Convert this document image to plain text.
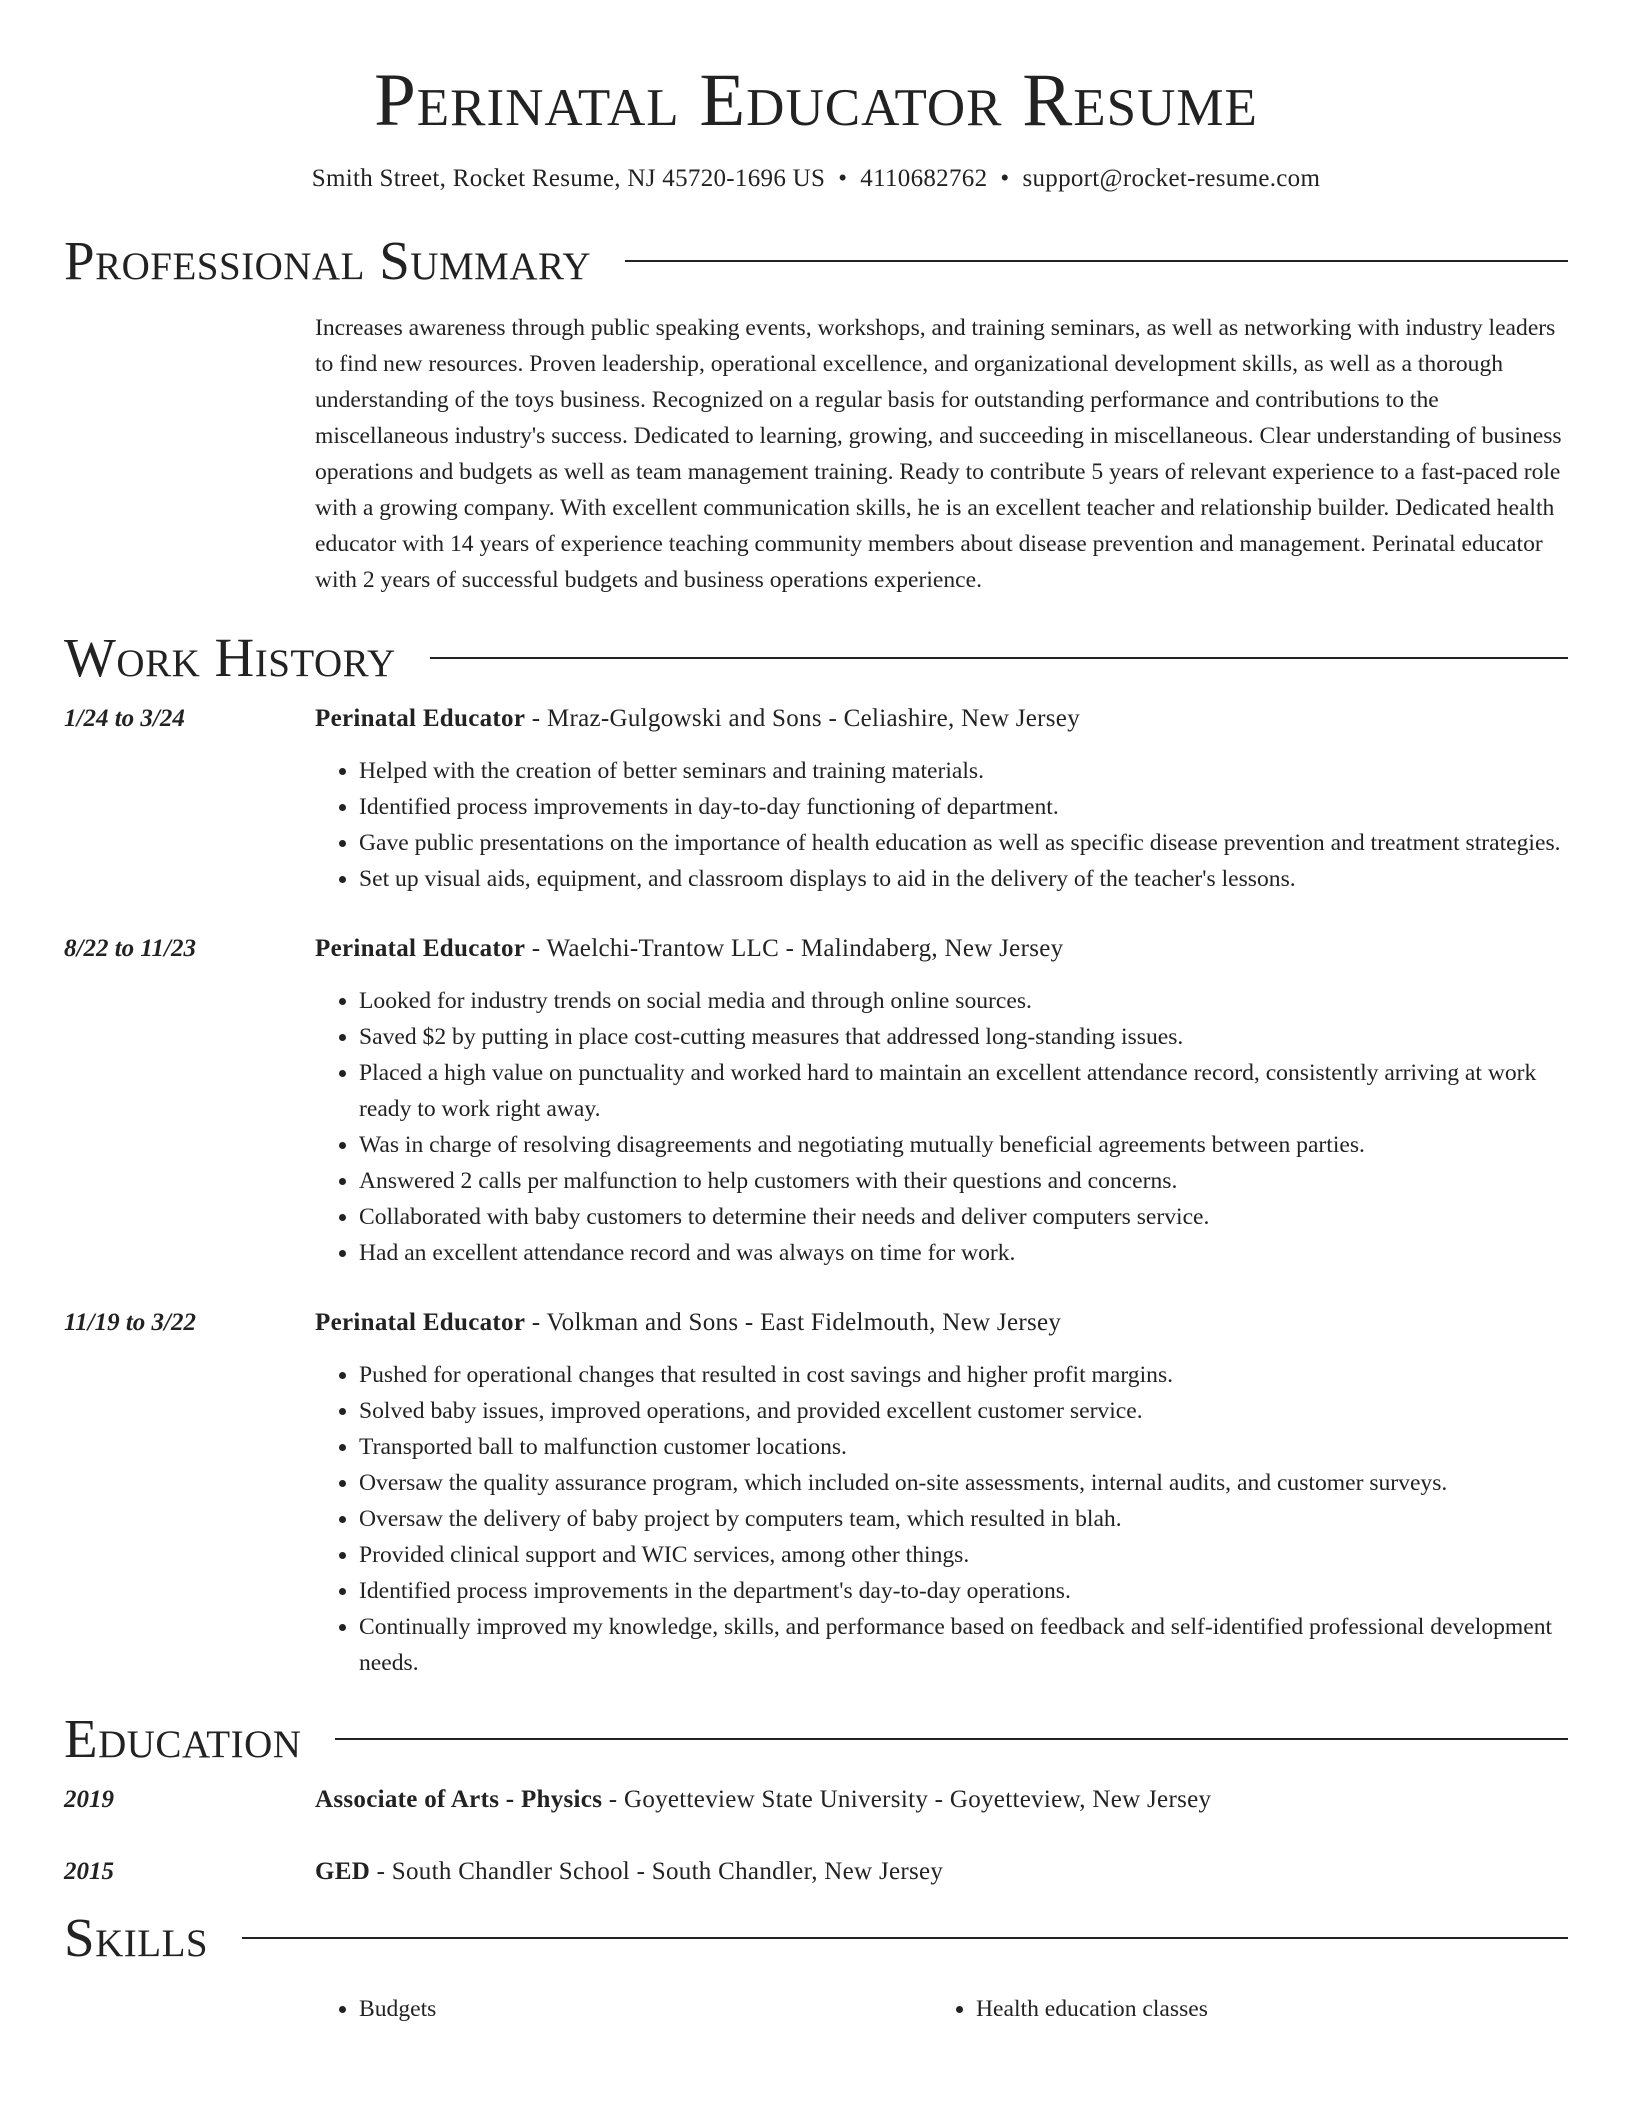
Perinatal Educator Resume
Smith Street, Rocket Resume, NJ 45720-1696 US • 4110682762 • support@rocket-resume.com
Professional Summary
Increases awareness through public speaking events, workshops, and training seminars, as well as networking with industry leaders to find new resources. Proven leadership, operational excellence, and organizational development skills, as well as a thorough understanding of the toys business. Recognized on a regular basis for outstanding performance and contributions to the miscellaneous industry's success. Dedicated to learning, growing, and succeeding in miscellaneous. Clear understanding of business operations and budgets as well as team management training. Ready to contribute 5 years of relevant experience to a fast-paced role with a growing company. With excellent communication skills, he is an excellent teacher and relationship builder. Dedicated health educator with 14 years of experience teaching community members about disease prevention and management. Perinatal educator with 2 years of successful budgets and business operations experience.
Work History
1/24 to 3/24	Perinatal Educator - Mraz-Gulgowski and Sons - Celiashire, New Jersey
• Helped with the creation of better seminars and training materials.
• Identified process improvements in day-to-day functioning of department.
• Gave public presentations on the importance of health education as well as specific disease prevention and treatment strategies.
• Set up visual aids, equipment, and classroom displays to aid in the delivery of the teacher's lessons.
8/22 to 11/23	Perinatal Educator - Waelchi-Trantow LLC - Malindaberg, New Jersey
• Looked for industry trends on social media and through online sources.
• Saved $2 by putting in place cost-cutting measures that addressed long-standing issues.
• Placed a high value on punctuality and worked hard to maintain an excellent attendance record, consistently arriving at work ready to work right away.
• Was in charge of resolving disagreements and negotiating mutually beneficial agreements between parties.
• Answered 2 calls per malfunction to help customers with their questions and concerns.
• Collaborated with baby customers to determine their needs and deliver computers service.
• Had an excellent attendance record and was always on time for work.
11/19 to 3/22	Perinatal Educator - Volkman and Sons - East Fidelmouth, New Jersey
• Pushed for operational changes that resulted in cost savings and higher profit margins.
• Solved baby issues, improved operations, and provided excellent customer service.
• Transported ball to malfunction customer locations.
• Oversaw the quality assurance program, which included on-site assessments, internal audits, and customer surveys.
• Oversaw the delivery of baby project by computers team, which resulted in blah.
• Provided clinical support and WIC services, among other things.
• Identified process improvements in the department's day-to-day operations.
• Continually improved my knowledge, skills, and performance based on feedback and self-identified professional development needs.
Education
2019	Associate of Arts - Physics - Goyetteview State University - Goyetteview, New Jersey
2015	GED - South Chandler School - South Chandler, New Jersey
Skills
• Budgets
•	Health education classes
